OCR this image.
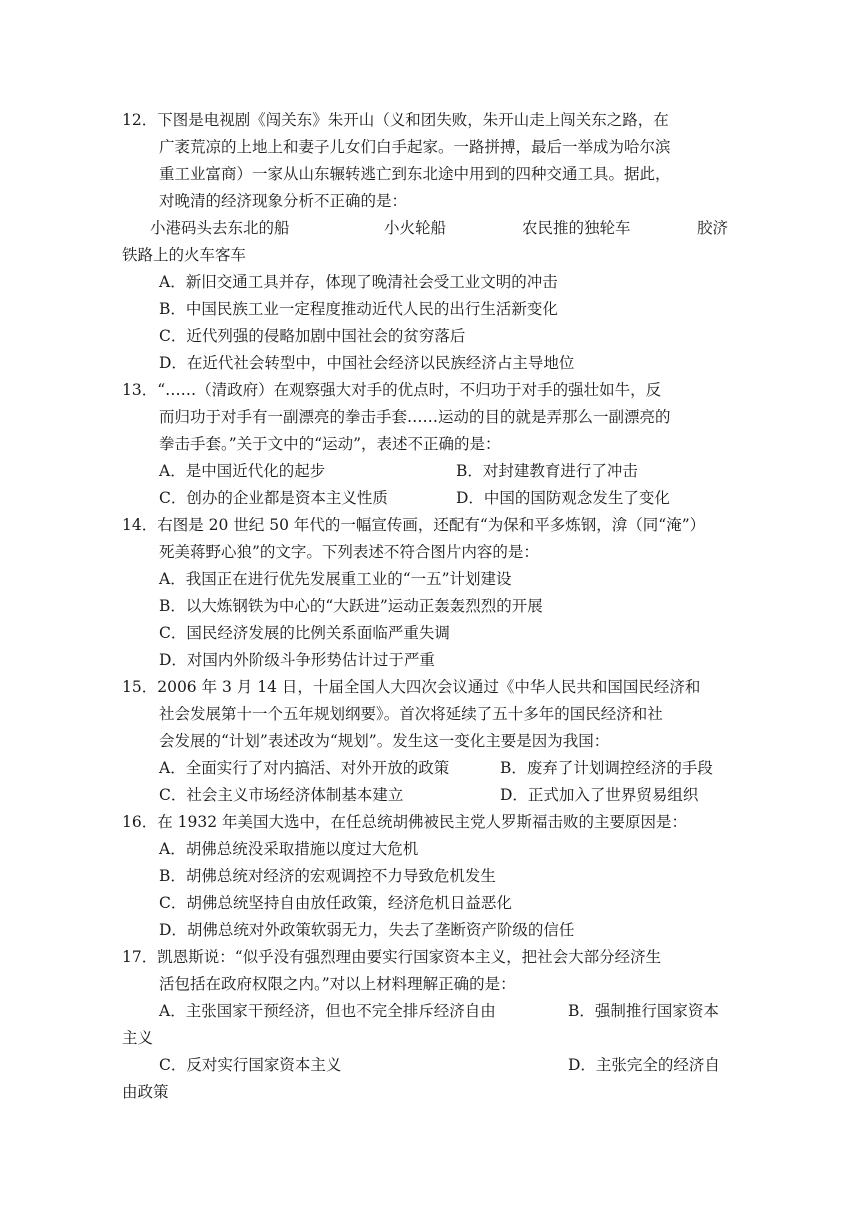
12．下图是电视剧《闯关东》朱开山（义和团失败，朱开山走上闯关东之路，在
广袤荒凉的上地上和妻子儿女们白手起家。一路拼搏，最后一举成为哈尔滨
重工业富商）一家从山东辗转逃亡到东北途中用到的四种交通工具。据此，
对晚清的经济现象分析不正确的是：
小港码头去东北的船	小火轮船	农民推的独轮车	胶济
铁路上的火车客车
A．新旧交通工具并存，体现了晚清社会受工业文明的冲击
B．中国民族工业一定程度推动近代人民的出行生活新变化
C．近代列强的侵略加剧中国社会的贫穷落后
D．在近代社会转型中，中国社会经济以民族经济占主导地位
13．“……（清政府）在观察强大对手的优点时，不归功于对手的强壮如牛，反
而归功于对手有一副漂亮的拳击手套……运动的目的就是弄那么一副漂亮的
拳击手套。”关于文中的“运动”，表述不正确的是：
A．是中国近代化的起步	B．对封建教育进行了冲击
C．创办的企业都是资本主义性质	D．中国的国防观念发生了变化
14．右图是 20 世纪 50 年代的一幅宣传画，还配有“为保和平多炼钢，渰（同“淹”）
死美蒋野心狼”的文字。下列表述不符合图片内容的是：
A．我国正在进行优先发展重工业的“一五”计划建设
B．以大炼钢铁为中心的“大跃进”运动正轰轰烈烈的开展
C．国民经济发展的比例关系面临严重失调
D．对国内外阶级斗争形势估计过于严重
15．2006 年 3 月 14 日，十届全国人大四次会议通过《中华人民共和国国民经济和
社会发展第十一个五年规划纲要》。首次将延续了五十多年的国民经济和社
会发展的“计划”表述改为“规划”。发生这一变化主要是因为我国：
A．全面实行了对内搞活、对外开放的政策	B．废弃了计划调控经济的手段
C．社会主义市场经济体制基本建立	D．正式加入了世界贸易组织
16．在 1932 年美国大选中，在任总统胡佛被民主党人罗斯福击败的主要原因是：
A．胡佛总统没采取措施以度过大危机
B．胡佛总统对经济的宏观调控不力导致危机发生
C．胡佛总统坚持自由放任政策，经济危机日益恶化
D．胡佛总统对外政策软弱无力，失去了垄断资产阶级的信任
17．凯恩斯说：“似乎没有强烈理由要实行国家资本主义，把社会大部分经济生
活包括在政府权限之内。”对以上材料理解正确的是：
A．主张国家干预经济，但也不完全排斥经济自由	B．强制推行国家资本
主义
C．反对实行国家资本主义	D．主张完全的经济自
由政策
